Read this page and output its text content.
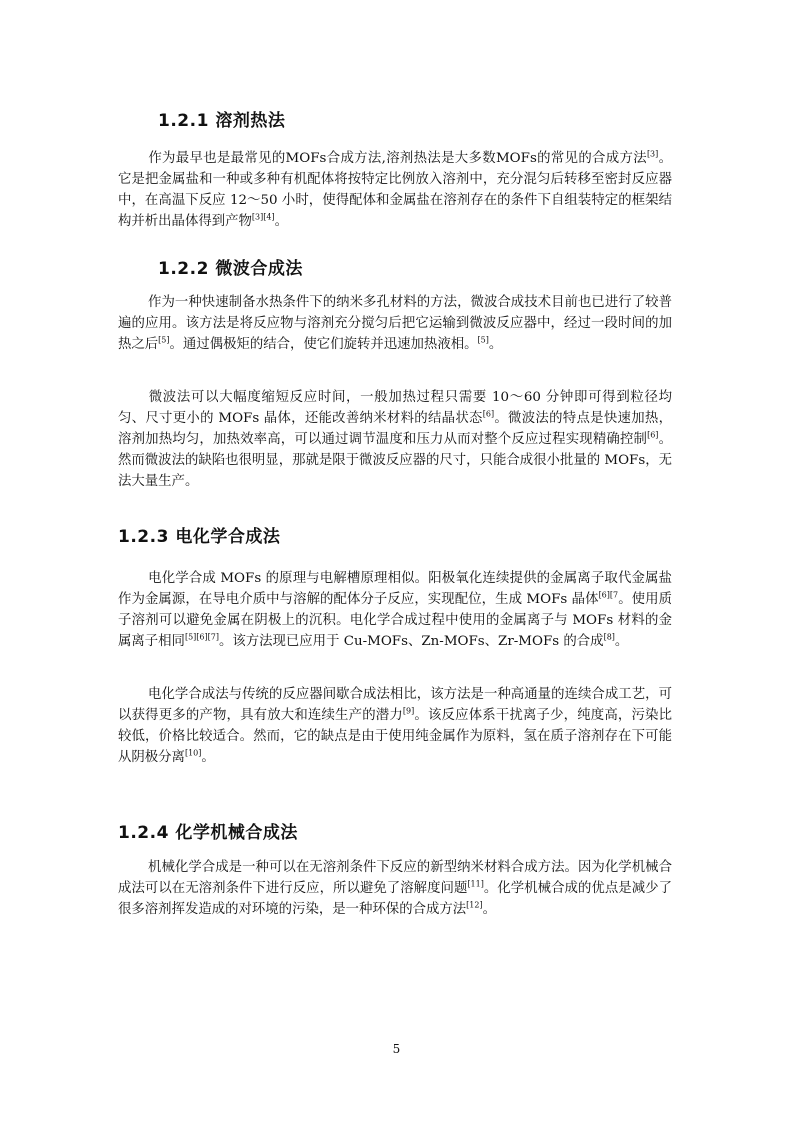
1.2.1 溶剂热法
作为最早也是最常见的MOFs合成方法,溶剂热法是大多数MOFs的常见的合成方法[3]。它是把金属盐和一种或多种有机配体将按特定比例放入溶剂中，充分混匀后转移至密封反应器中，在高温下反应 12～50 小时，使得配体和金属盐在溶剂存在的条件下自组装特定的框架结构并析出晶体得到产物[3][4]。
1.2.2 微波合成法
作为一种快速制备水热条件下的纳米多孔材料的方法，微波合成技术目前也已进行了较普遍的应用。该方法是将反应物与溶剂充分搅匀后把它运输到微波反应器中，经过一段时间的加热之后[5]。通过偶极矩的结合，使它们旋转并迅速加热液相。[5]。
微波法可以大幅度缩短反应时间，一般加热过程只需要 10～60 分钟即可得到粒径均匀、尺寸更小的 MOFs 晶体，还能改善纳米材料的结晶状态[6]。微波法的特点是快速加热，溶剂加热均匀，加热效率高，可以通过调节温度和压力从而对整个反应过程实现精确控制[6]。然而微波法的缺陷也很明显，那就是限于微波反应器的尺寸，只能合成很小批量的 MOFs，无法大量生产。
1.2.3 电化学合成法
电化学合成 MOFs 的原理与电解槽原理相似。阳极氧化连续提供的金属离子取代金属盐作为金属源，在导电介质中与溶解的配体分子反应，实现配位，生成 MOFs 晶体$^{[6][7}$。使用质子溶剂可以避免金属在阴极上的沉积。电化学合成过程中使用的金属离子与 MOFs 材料的金属离子相同[5][6][7]。该方法现已应用于 Cu-MOFs、Zn-MOFs、Zr-MOFs 的合成[8]。
电化学合成法与传统的反应器间歇合成法相比，该方法是一种高通量的连续合成工艺，可以获得更多的产物，具有放大和连续生产的潜力[9]。该反应体系干扰离子少，纯度高，污染比较低，价格比较适合。然而，它的缺点是由于使用纯金属作为原料，氢在质子溶剂存在下可能从阴极分离[10]。
1.2.4 化学机械合成法
机械化学合成是一种可以在无溶剂条件下反应的新型纳米材料合成方法。因为化学机械合成法可以在无溶剂条件下进行反应，所以避免了溶解度问题[11]。化学机械合成的优点是减少了很多溶剂挥发造成的对环境的污染，是一种环保的合成方法[12]。
5
